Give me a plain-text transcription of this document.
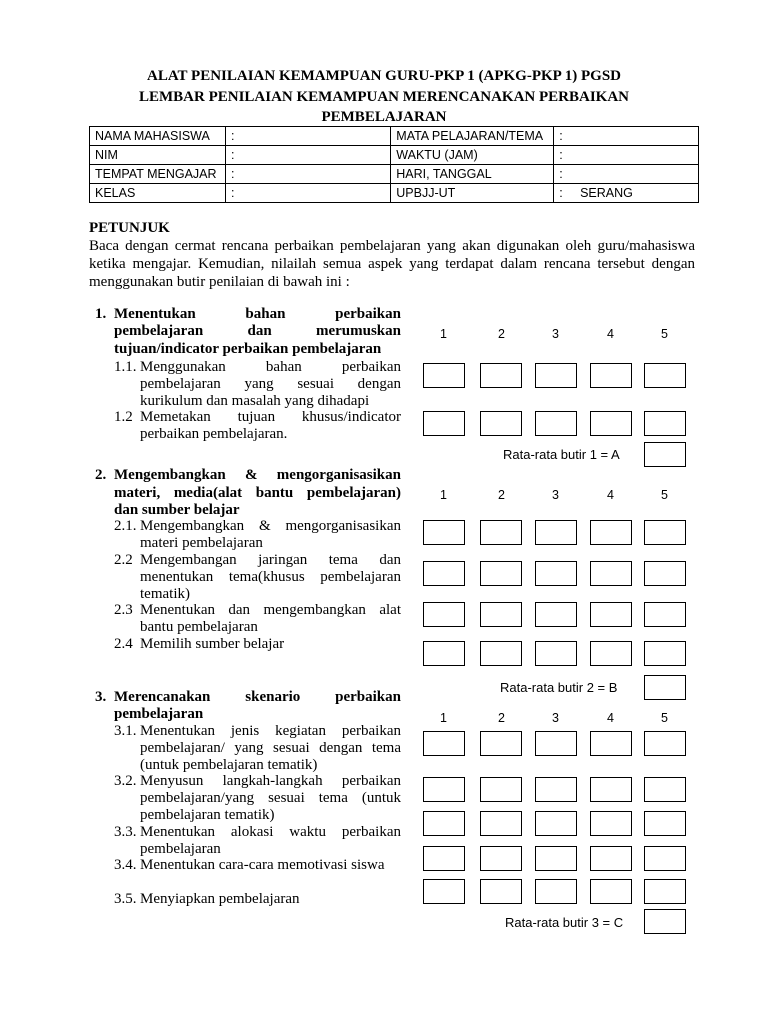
ALAT PENILAIAN KEMAMPUAN GURU-PKP 1 (APKG-PKP 1) PGSD
LEMBAR PENILAIAN KEMAMPUAN MERENCANAKAN PERBAIKAN
PEMBELAJARAN
NAMA MAHASISWA	:	MATA PELAJARAN/TEMA	:
NIM	:	WAKTU (JAM)	:
TEMPAT MENGAJAR	:	HARI, TANGGAL	:
KELAS	:	UPBJJ-UT	:     SERANG
PETUNJUK
Baca dengan cermat rencana perbaikan pembelajaran yang akan digunakan oleh guru/mahasiswa ketika mengajar. Kemudian, nilailah semua aspek yang terdapat dalam rencana tersebut dengan menggunakan butir penilaian di bawah ini :
1. Menentukan bahan perbaikan
pembelajaran dan merumuskan
tujuan/indicator perbaikan pembelajaran
1.1. Menggunakan bahan perbaikan
pembelajaran yang sesuai dengan
kurikulum dan masalah yang dihadapi
1.2 Memetakan tujuan khusus/indicator
perbaikan pembelajaran.
1	2	3	4	5
Rata-rata butir 1 = A
2. Mengembangkan & mengorganisasikan
materi, media(alat bantu pembelajaran)
dan sumber belajar
2.1. Mengembangkan & mengorganisasikan
materi pembelajaran
2.2 Mengembangan jaringan tema dan
menentukan tema(khusus pembelajaran
tematik)
2.3 Menentukan dan mengembangkan alat
bantu pembelajaran
2.4 Memilih sumber belajar
1	2	3	4	5
Rata-rata butir 2 = B
3. Merencanakan skenario perbaikan
pembelajaran
3.1. Menentukan jenis kegiatan perbaikan
pembelajaran/ yang sesuai dengan tema
(untuk pembelajaran tematik)
3.2. Menyusun langkah-langkah perbaikan
pembelajaran/yang sesuai tema (untuk
pembelajaran tematik)
3.3. Menentukan alokasi waktu perbaikan
pembelajaran
3.4. Menentukan cara-cara memotivasi siswa
3.5. Menyiapkan pembelajaran
1	2	3	4	5
Rata-rata butir 3 = C
